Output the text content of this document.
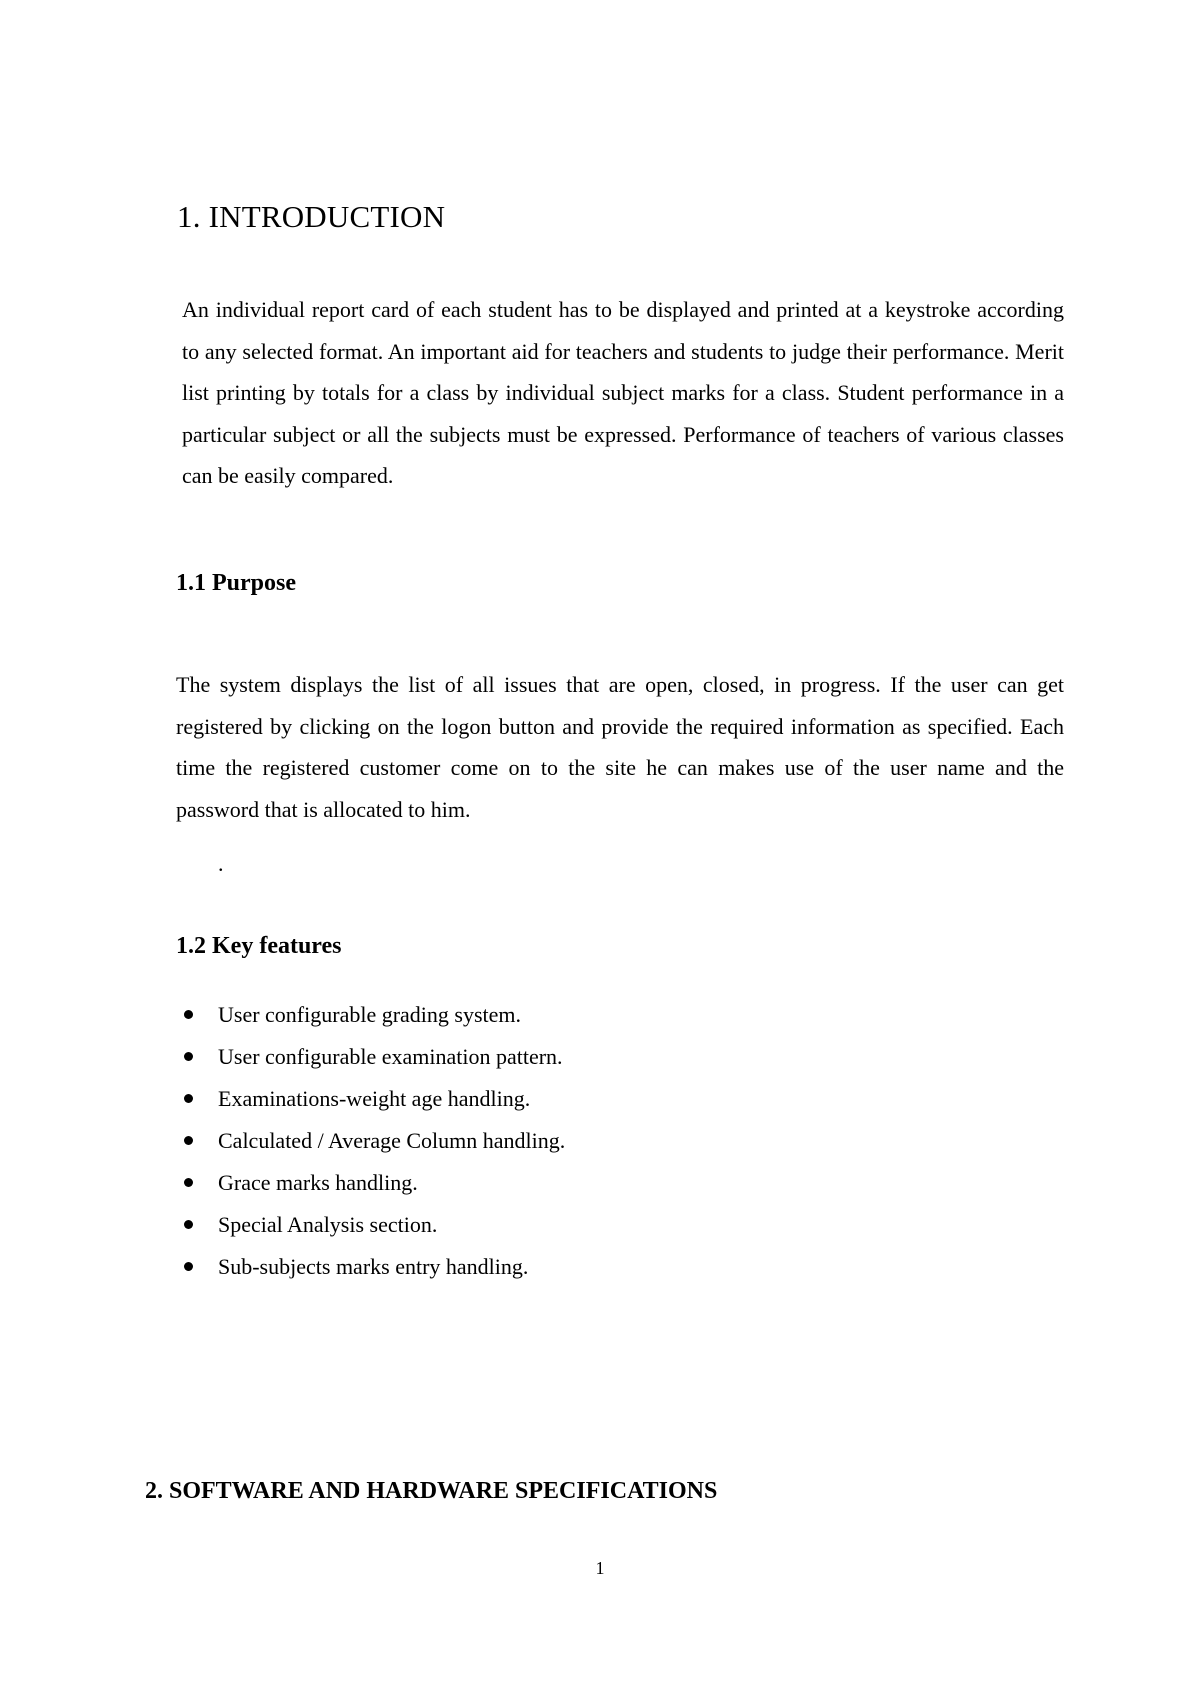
1. INTRODUCTION

An individual report card of each student has to be displayed and printed at a keystroke according to any selected format. An important aid for teachers and students to judge their performance. Merit list printing by totals for a class by individual subject marks for a class. Student performance in a particular subject or all the subjects must be expressed. Performance of teachers of various classes can be easily compared.

1.1 Purpose

The system displays the list of all issues that are open, closed, in progress. If the user can get registered by clicking on the logon button and provide the required information as specified. Each time the registered customer come on to the site he can makes use of the user name and the password that is allocated to him.

.
1.2 Key features
User configurable grading system.
User configurable examination pattern.
Examinations-weight age handling.
Calculated / Average Column handling.
Grace marks handling.
Special Analysis section.
Sub-subjects marks entry handling.
2. SOFTWARE AND HARDWARE SPECIFICATIONS
1
